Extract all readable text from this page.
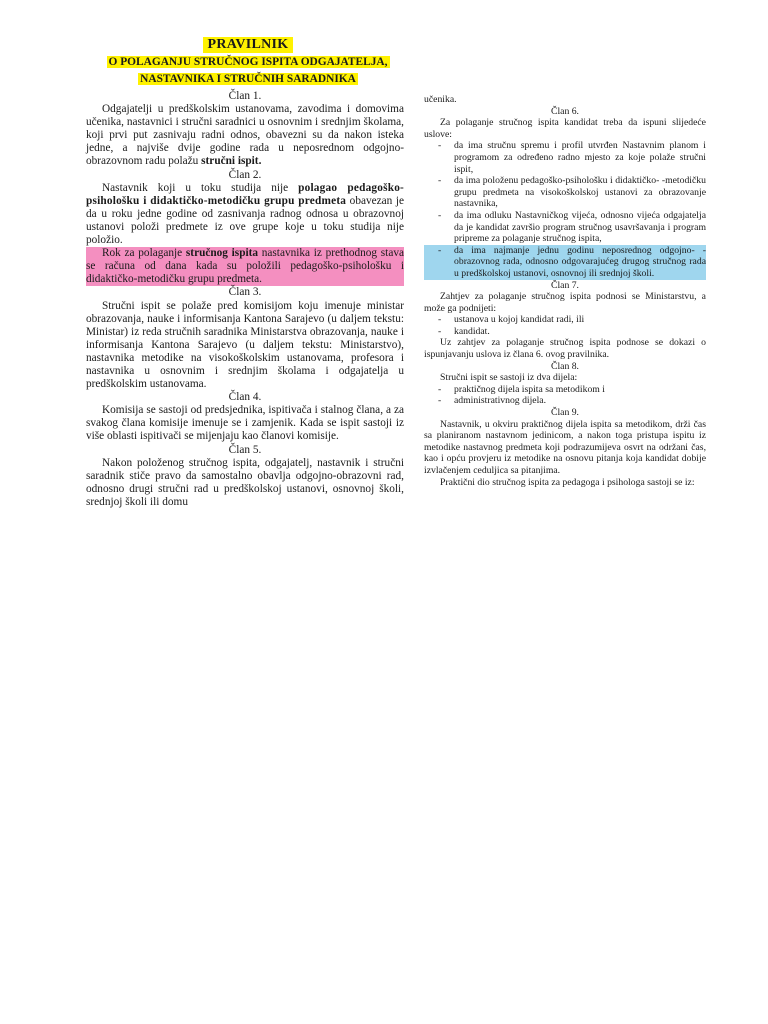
PRAVILNIK
O POLAGANJU STRUČNOG ISPITA ODGAJATELJA,
NASTAVNIKA I STRUČNIH SARADNIKA
Član 1.

Odgajatelji u predškolskim ustanovama, zavodima i domovima učenika, nastavnici i stručni saradnici u osnovnim i srednjim školama, koji prvi put zasnivaju radni odnos, obavezni su da nakon isteka jedne, a najviše dvije godine rada u neposrednom odgojno-obrazovnom radu polažu stručni ispit.

Član 2.

Nastavnik koji u toku studija nije polagao pedagoško-psihološku i didaktičko-metodičku grupu predmeta obavezan je da u roku jedne godine od zasnivanja radnog odnosa u obrazovnoj ustanovi položi predmete iz ove grupe koje u toku studija nije položio.

Rok za polaganje stručnog ispita nastavnika iz prethodnog stava se računa od dana kada su položili pedagoško-psihološku i didaktičko-metodičku grupu predmeta.

Član 3.

Stručni ispit se polaže pred komisijom koju imenuje ministar obrazovanja, nauke i informisanja Kantona Sarajevo (u daljem tekstu: Ministar) iz reda stručnih saradnika Ministarstva obrazovanja, nauke i informisanja Kantona Sarajevo (u daljem tekstu: Ministarstvo), nastavnika metodike na visokoškolskim ustanovama, profesora i nastavnika u osnovnim i srednjim školama i odgajatelja u predškolskim ustanovama.

Član 4.

Komisija se sastoji od predsjednika, ispitivača i stalnog člana, a za svakog člana komisije imenuje se i zamjenik. Kada se ispit sastoji iz više oblasti ispitivači se mijenjaju kao članovi komisije.

Član 5.

Nakon položenog stručnog ispita, odgajatelj, nastavnik i stručni saradnik stiče pravo da samostalno obavlja odgojno-obrazovni rad, odnosno drugi stručni rad u predškolskoj ustanovi, osnovnoj školi, srednjoj školi ili domu

učenika.

Član 6.

Za polaganje stručnog ispita kandidat treba da ispuni slijedeće uslove:

- da ima stručnu spremu i profil utvrđen Nastavnim planom i programom za određeno radno mjesto za koje polaže stručni ispit,
- da ima položenu pedagoško-psihološku i didaktičko- -metodičku grupu predmeta na visokoškolskoj ustanovi za obrazovanje nastavnika,
- da ima odluku Nastavničkog vijeća, odnosno vijeća odgajatelja da je kandidat završio program stručnog usavršavanja i program pripreme za polaganje stručnog ispita,
- da ima najmanje jednu godinu neposrednog odgojno- -obrazovnog rada, odnosno odgovarajućeg drugog stručnog rada u predškolskoj ustanovi, osnovnoj ili srednjoj školi.
Član 7.

Zahtjev za polaganje stručnog ispita podnosi se Ministarstvu, a može ga podnijeti:

- ustanova u kojoj kandidat radi, ili
- kandidat.

Uz zahtjev za polaganje stručnog ispita podnose se dokazi o ispunjavanju uslova iz člana 6. ovog pravilnika.

Član 8.

Stručni ispit se sastoji iz dva dijela:

- praktičnog dijela ispita sa metodikom i
- administrativnog dijela.
Član 9.

Nastavnik, u okviru praktičnog dijela ispita sa metodikom, drži čas sa planiranom nastavnom jedinicom, a nakon toga pristupa ispitu iz metodike nastavnog predmeta koji podrazumijeva osvrt na održani čas, kao i opću provjeru iz metodike na osnovu pitanja koja kandidat dobije izvlačenjem ceduljica sa pitanjima.

Praktični dio stručnog ispita za pedagoga i psihologa sastoji se iz:
